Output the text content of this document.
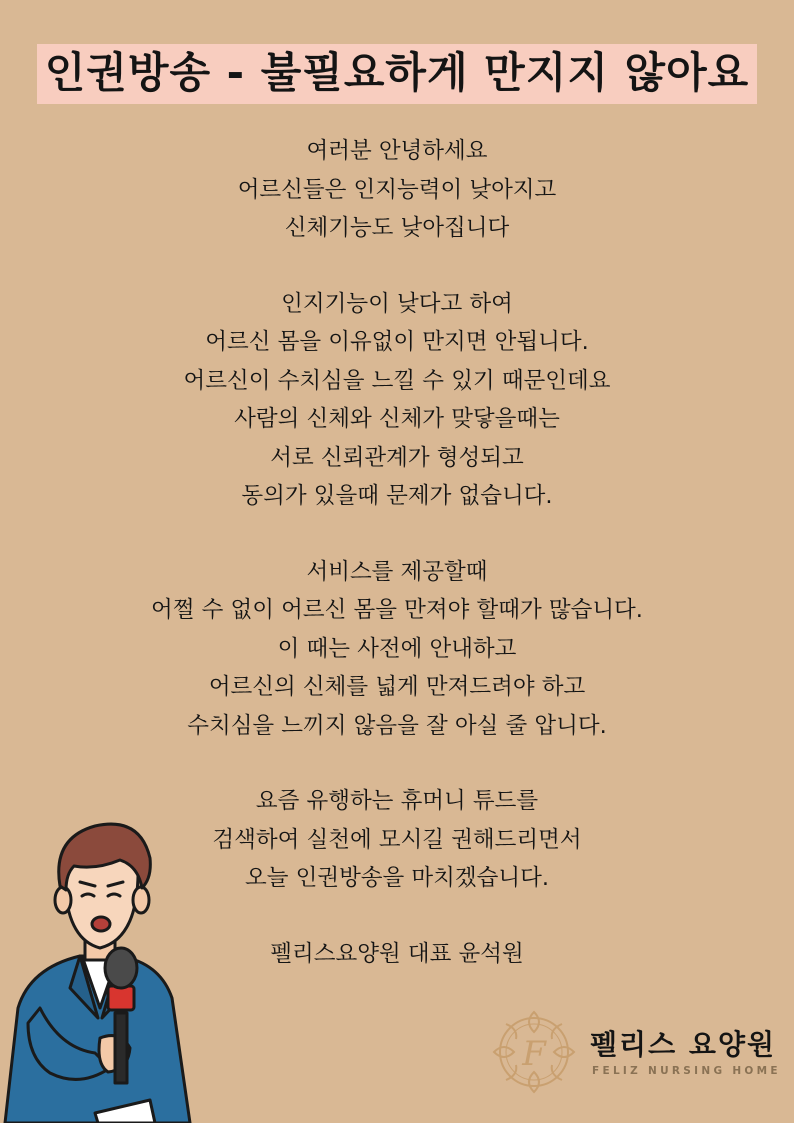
인권방송 - 불필요하게 만지지 않아요

여러분 안녕하세요
어르신들은 인지능력이 낮아지고
신체기능도 낮아집니다

인지기능이 낮다고 하여
어르신 몸을 이유없이 만지면 안됩니다.
어르신이 수치심을 느낄 수 있기 때문인데요
사람의 신체와 신체가 맞닿을때는
서로 신뢰관계가 형성되고
동의가 있을때 문제가 없습니다.

서비스를 제공할때
어쩔 수 없이 어르신 몸을 만져야 할때가 많습니다.
이 때는 사전에 안내하고
어르신의 신체를 넓게 만져드려야 하고
수치심을 느끼지 않음을 잘 아실 줄 압니다.

요즘 유행하는 휴머니 튜드를
검색하여 실천에 모시길 권해드리면서
오늘 인권방송을 마치겠습니다.

펠리스요양원 대표 윤석원

F 펠리스 요양원
FELIZ NURSING HOME
